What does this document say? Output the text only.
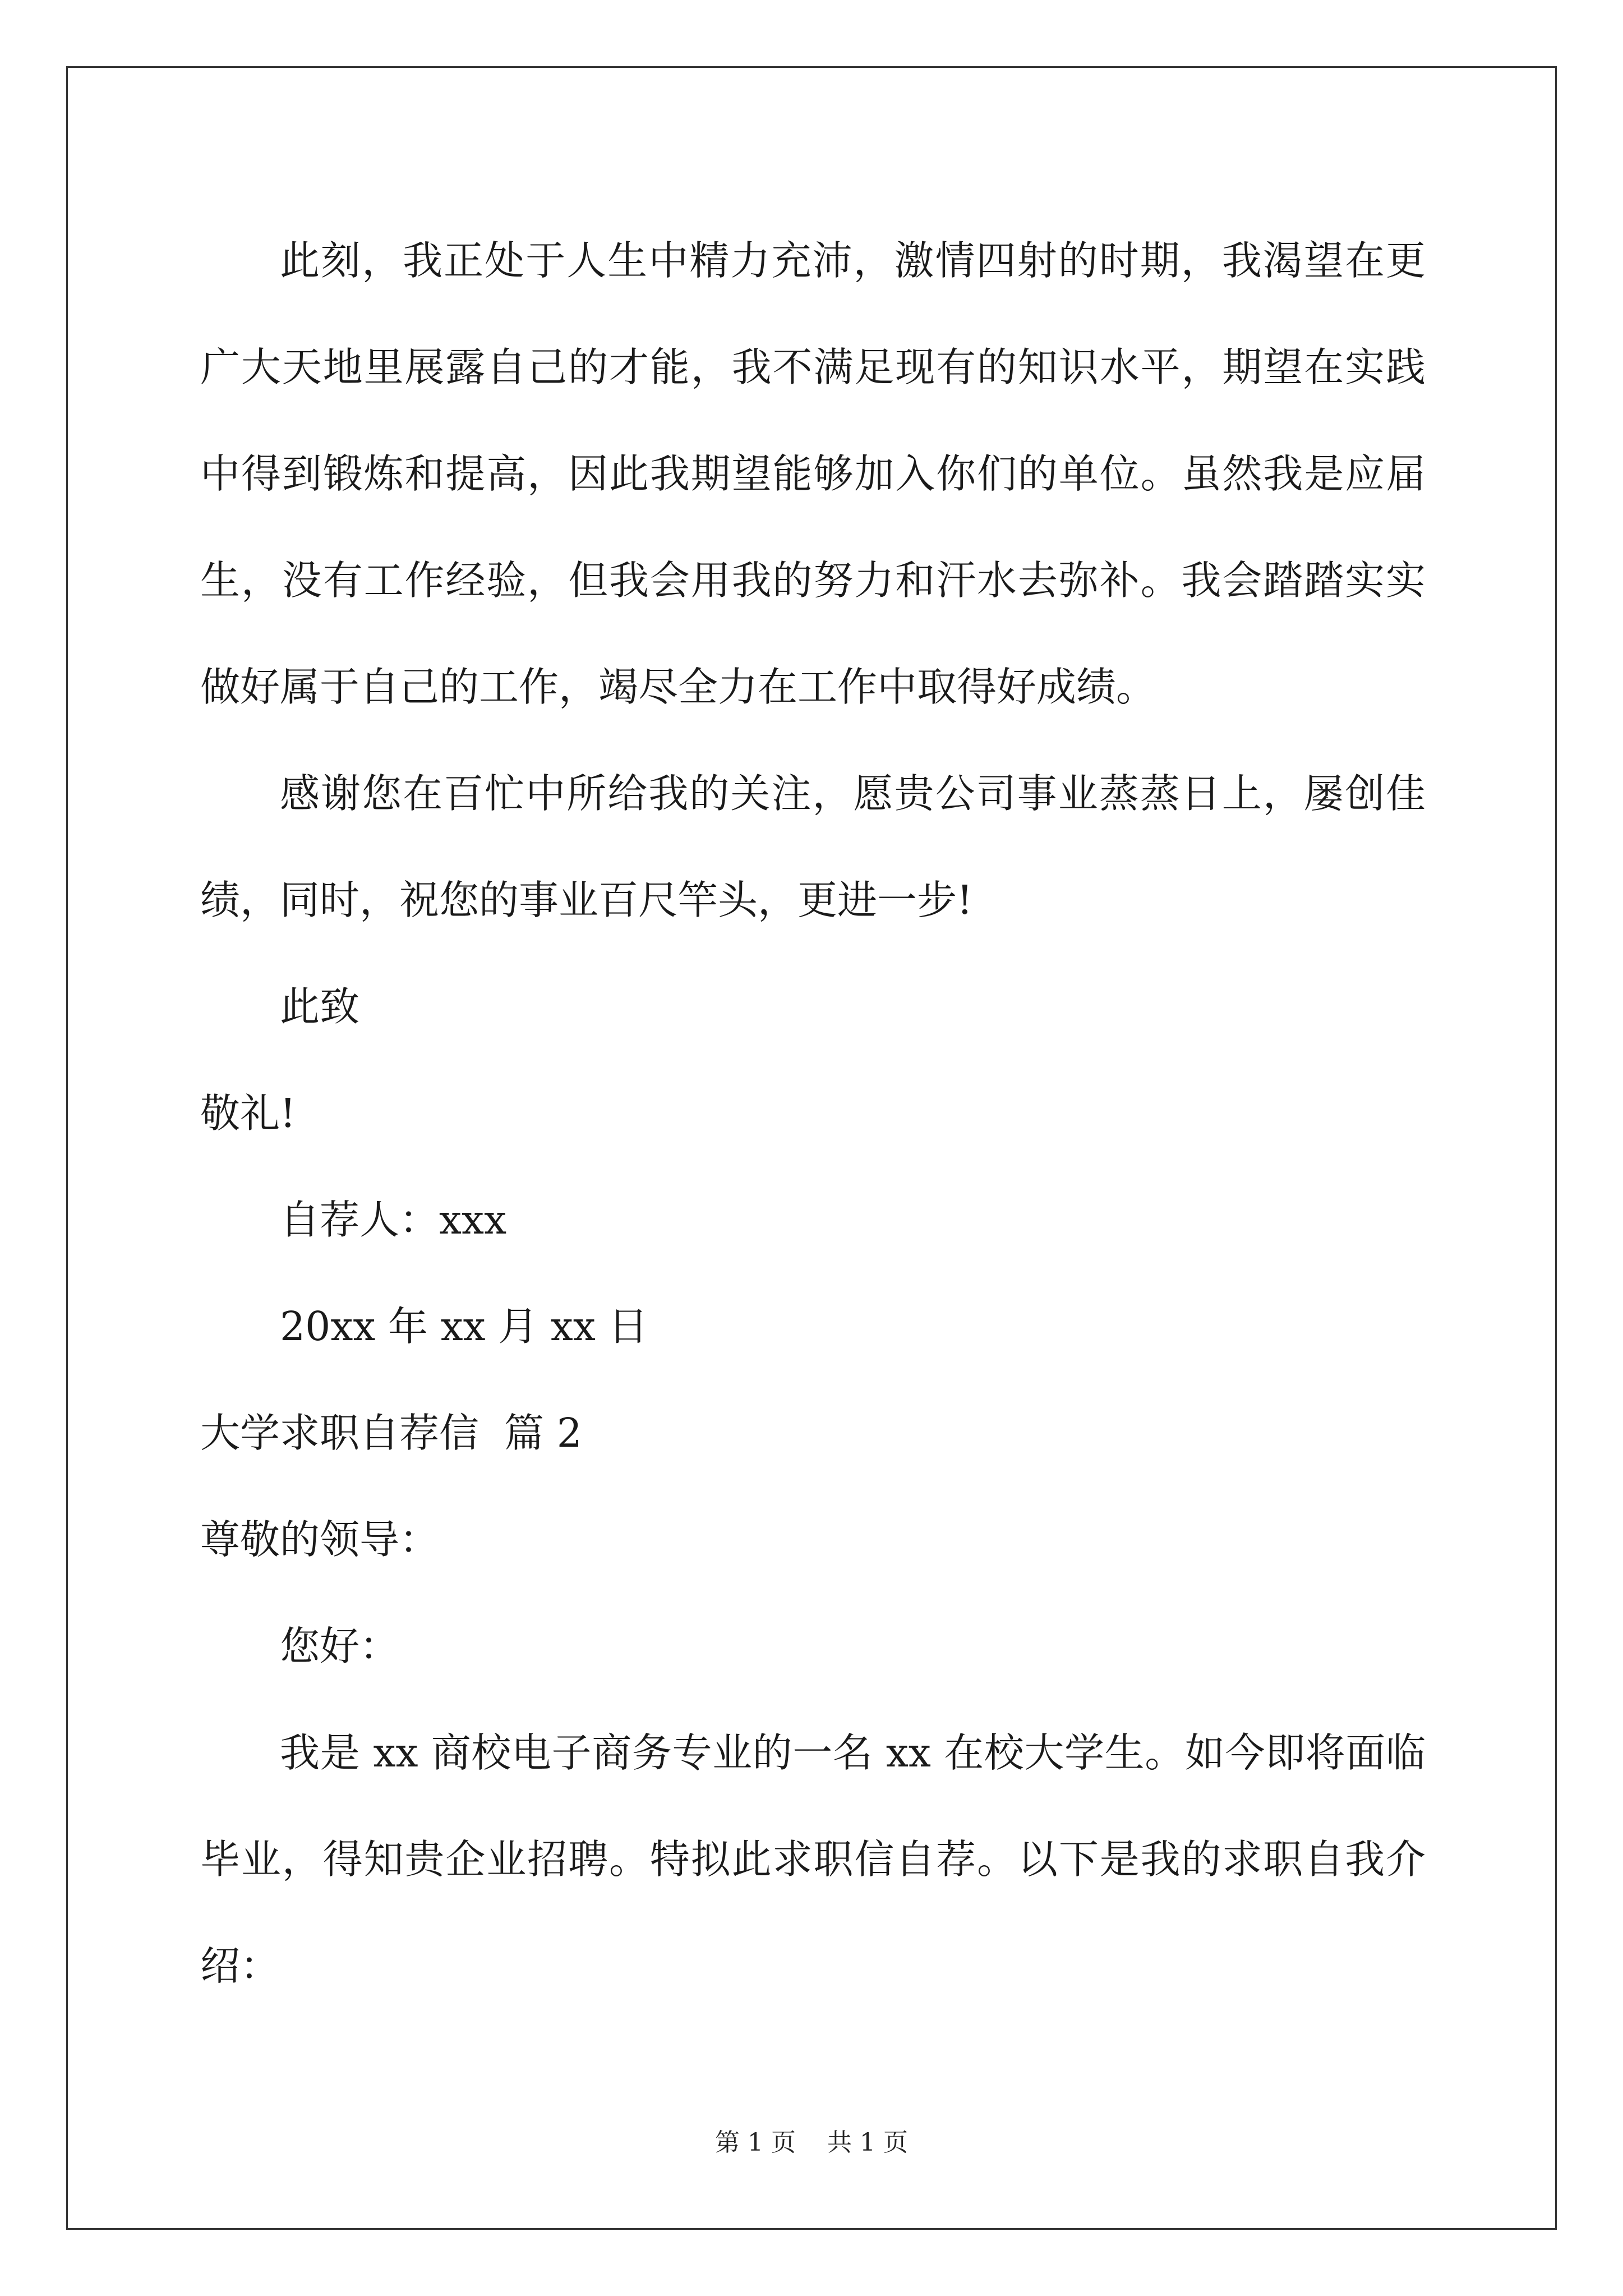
此刻，我正处于人生中精力充沛，激情四射的时期，我渴望在更广大天地里展露自己的才能，我不满足现有的知识水平，期望在实践中得到锻炼和提高，因此我期望能够加入你们的单位。虽然我是应届生，没有工作经验，但我会用我的努力和汗水去弥补。我会踏踏实实做好属于自己的工作，竭尽全力在工作中取得好成绩。

感谢您在百忙中所给我的关注，愿贵公司事业蒸蒸日上，屡创佳绩，同时，祝您的事业百尺竿头，更进一步!

此致

敬礼!

自荐人：xxx

20xx 年 xx 月 xx 日

大学求职自荐信  篇 2

尊敬的领导：

您好：

我是 xx 商校电子商务专业的一名 xx 在校大学生。如今即将面临毕业，得知贵企业招聘。特拟此求职信自荐。以下是我的求职自我介绍：

第 1 页 共 1 页
